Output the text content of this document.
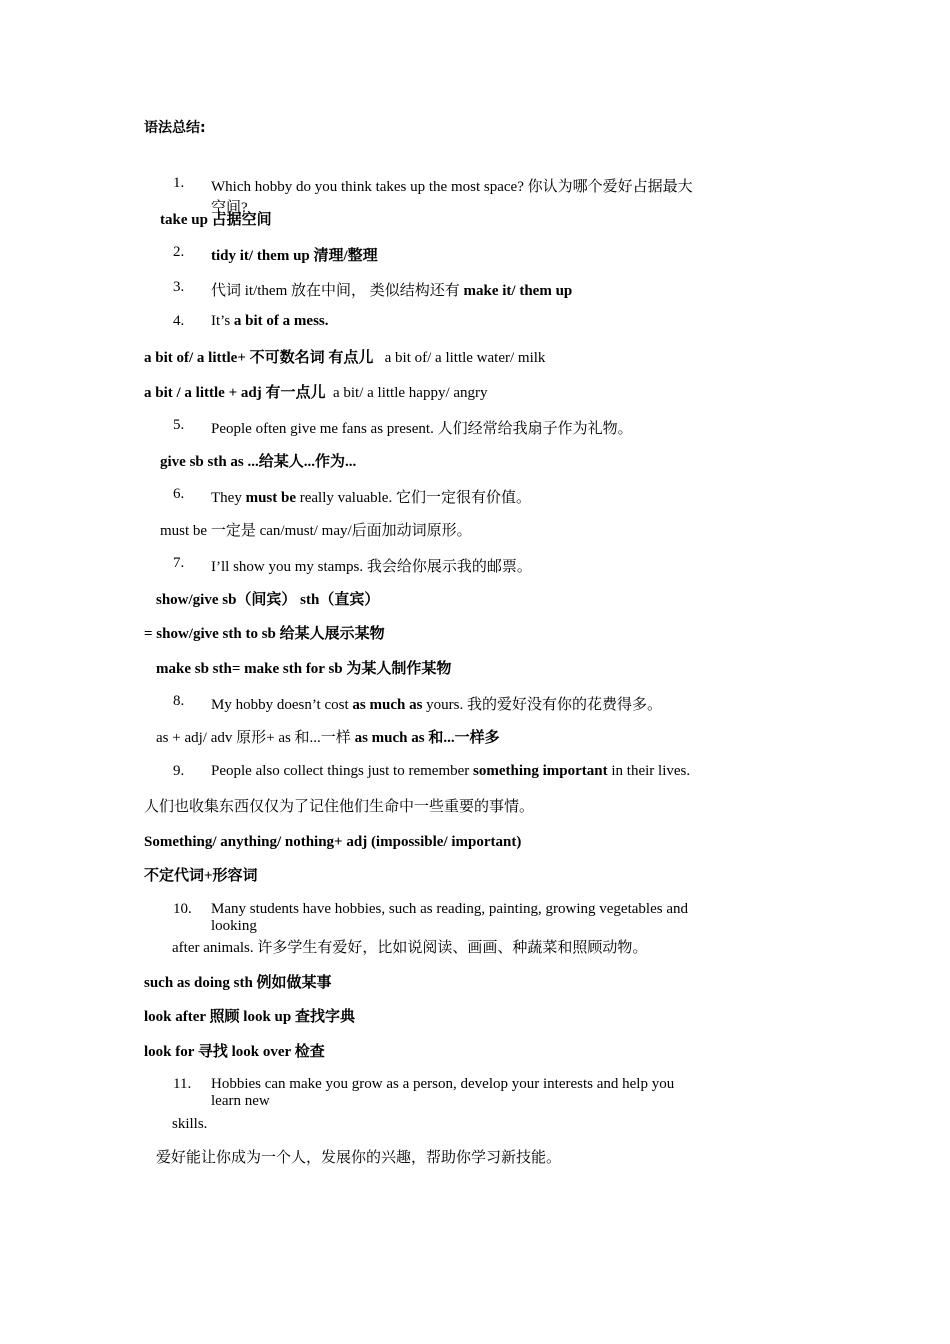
语法总结:
1.	Which hobby do you think takes up the most space? 你认为哪个爱好占据最大空间?
take up 占据空间
2.	tidy it/ them up 清理/整理
3.	代词 it/them 放在中间， 类似结构还有 make it/ them up
4.	It’s a bit of a mess.
a bit of/ a little+ 不可数名词 有点儿 a bit of/ a little water/ milk
a bit / a little + adj 有一点儿 a bit/ a little happy/ angry
5.	People often give me fans as present. 人们经常给我扇子作为礼物。
give sb sth as ...给某人...作为...
6.	They must be really valuable. 它们一定很有价值。
must be 一定是 can/must/ may/后面加动词原形。
7.	I’ll show you my stamps. 我会给你展示我的邮票。
show/give sb（间宾） sth（直宾）
= show/give sth to sb 给某人展示某物
make sb sth= make sth for sb 为某人制作某物
8.	My hobby doesn’t cost as much as yours. 我的爱好没有你的花费得多。
as + adj/ adv 原形+ as 和...一样 as much as 和...一样多
9.	People also collect things just to remember something important in their lives.
人们也收集东西仅仅为了记住他们生命中一些重要的事情。
Something/ anything/ nothing+ adj (impossible/ important)
不定代词+形容词
10.	Many students have hobbies, such as reading, painting, growing vegetables and looking
after animals. 许多学生有爱好，比如说阅读、画画、种蔬菜和照顾动物。
such as doing sth 例如做某事
look after 照顾 look up 查找字典
look for 寻找 look over 检查
11.	Hobbies can make you grow as a person, develop your interests and help you learn new
skills.
爱好能让你成为一个人，发展你的兴趣，帮助你学习新技能。
